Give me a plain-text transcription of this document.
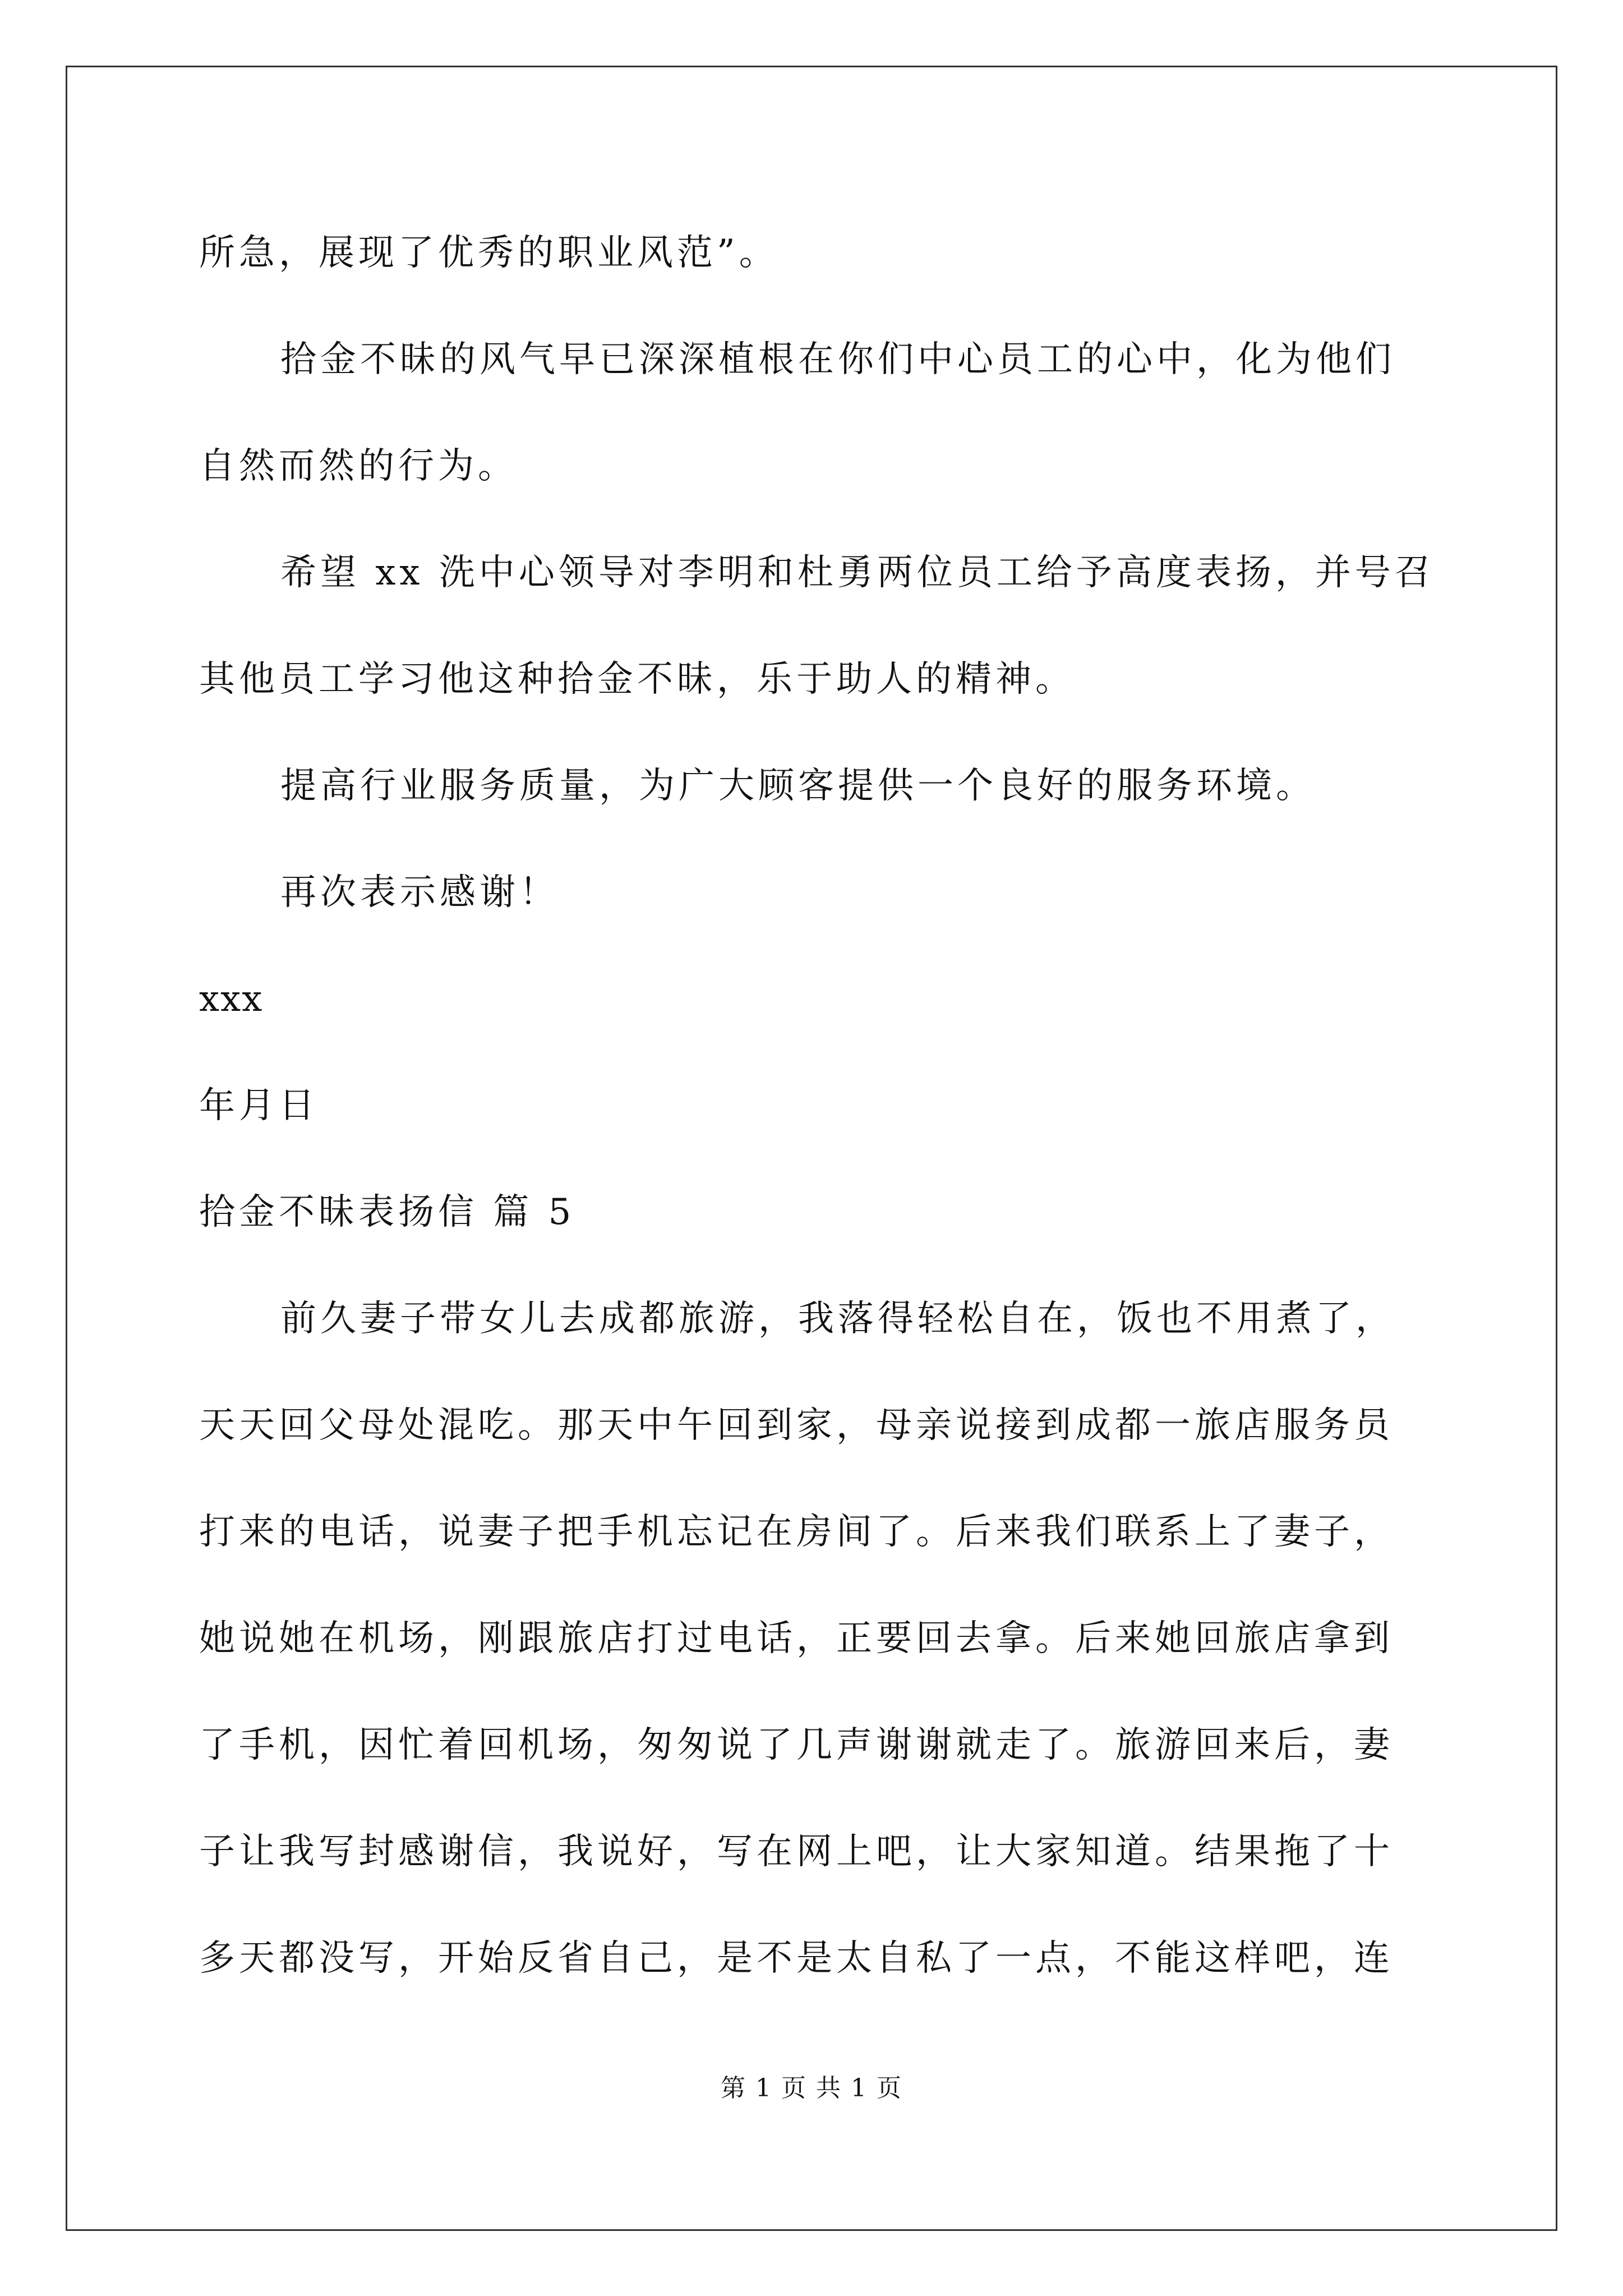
所急，展现了优秀的职业风范”。
拾金不昧的风气早已深深植根在你们中心员工的心中，化为他们
自然而然的行为。
希望 xx 洗中心领导对李明和杜勇两位员工给予高度表扬，并号召
其他员工学习他这种拾金不昧，乐于助人的精神。
提高行业服务质量，为广大顾客提供一个良好的服务环境。
再次表示感谢！
xxx
年月日
拾金不昧表扬信 篇 5
前久妻子带女儿去成都旅游，我落得轻松自在，饭也不用煮了，
天天回父母处混吃。那天中午回到家，母亲说接到成都一旅店服务员
打来的电话，说妻子把手机忘记在房间了。后来我们联系上了妻子，
她说她在机场，刚跟旅店打过电话，正要回去拿。后来她回旅店拿到
了手机，因忙着回机场，匆匆说了几声谢谢就走了。旅游回来后，妻
子让我写封感谢信，我说好，写在网上吧，让大家知道。结果拖了十
多天都没写，开始反省自己，是不是太自私了一点，不能这样吧，连
第 1 页 共 1 页
